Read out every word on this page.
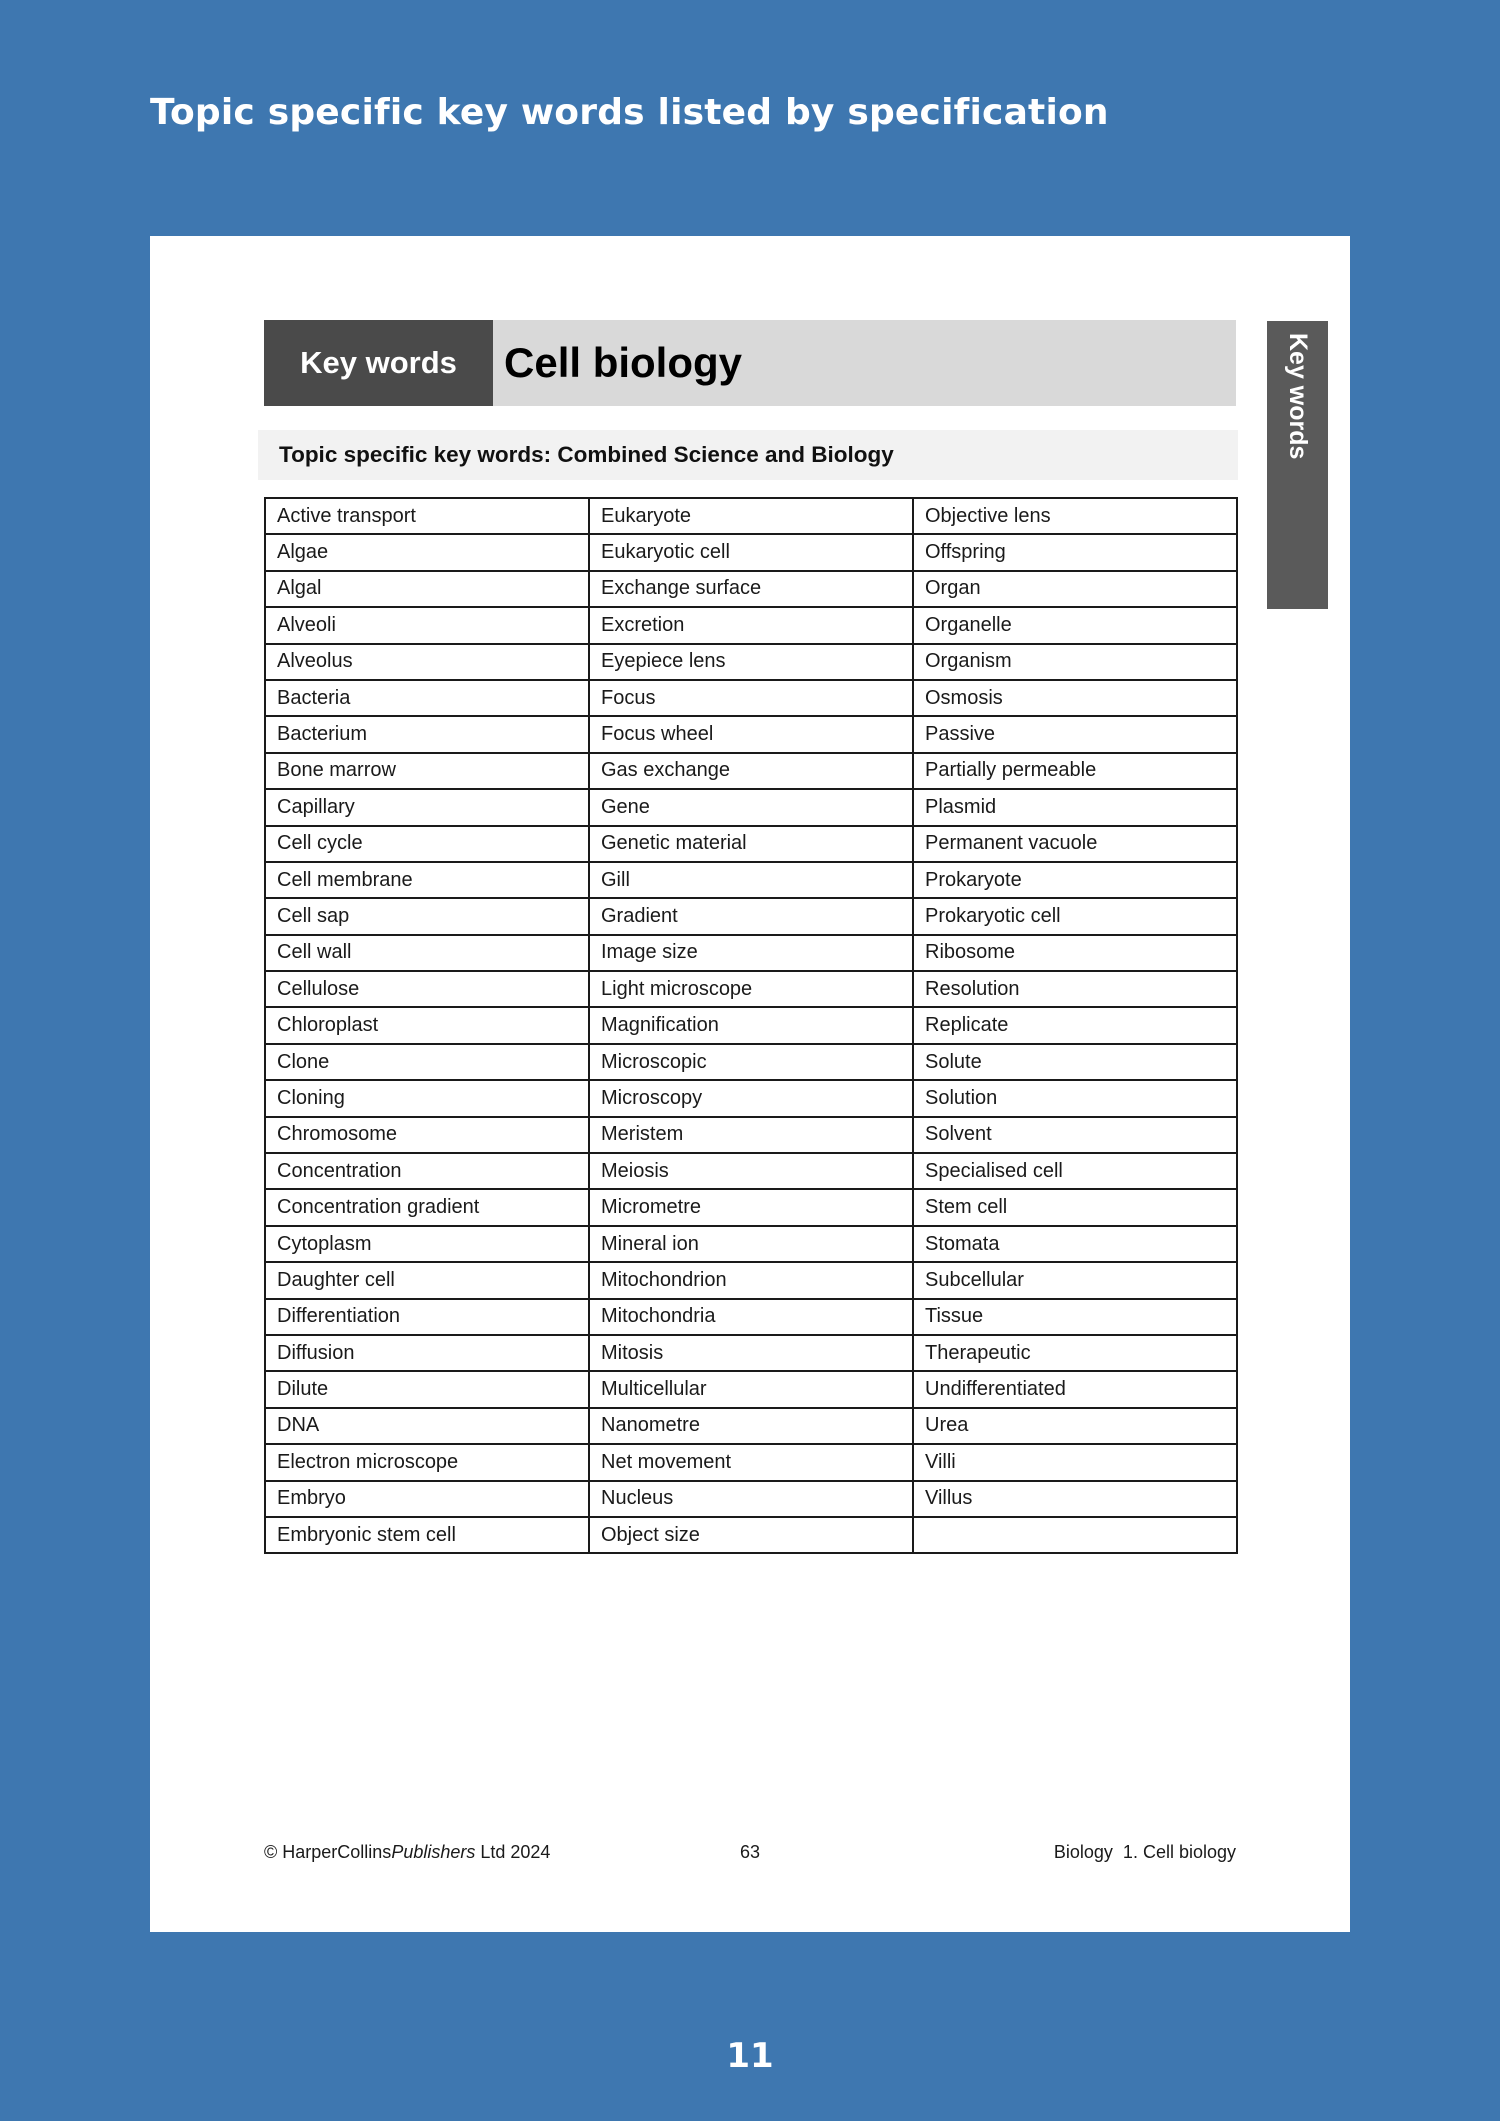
Topic specific key words listed by specification
Key words	Cell biology	Key words
Topic specific key words: Combined Science and Biology
Active transport	Eukaryote	Objective lens
Algae	Eukaryotic cell	Offspring
Algal	Exchange surface	Organ
Alveoli	Excretion	Organelle
Alveolus	Eyepiece lens	Organism
Bacteria	Focus	Osmosis
Bacterium	Focus wheel	Passive
Bone marrow	Gas exchange	Partially permeable
Capillary	Gene	Plasmid
Cell cycle	Genetic material	Permanent vacuole
Cell membrane	Gill	Prokaryote
Cell sap	Gradient	Prokaryotic cell
Cell wall	Image size	Ribosome
Cellulose	Light microscope	Resolution
Chloroplast	Magnification	Replicate
Clone	Microscopic	Solute
Cloning	Microscopy	Solution
Chromosome	Meristem	Solvent
Concentration	Meiosis	Specialised cell
Concentration gradient	Micrometre	Stem cell
Cytoplasm	Mineral ion	Stomata
Daughter cell	Mitochondrion	Subcellular
Differentiation	Mitochondria	Tissue
Diffusion	Mitosis	Therapeutic
Dilute	Multicellular	Undifferentiated
DNA	Nanometre	Urea
Electron microscope	Net movement	Villi
Embryo	Nucleus	Villus
Embryonic stem cell	Object size	
© HarperCollinsPublishers Ltd 2024	63	Biology  1. Cell biology
11
